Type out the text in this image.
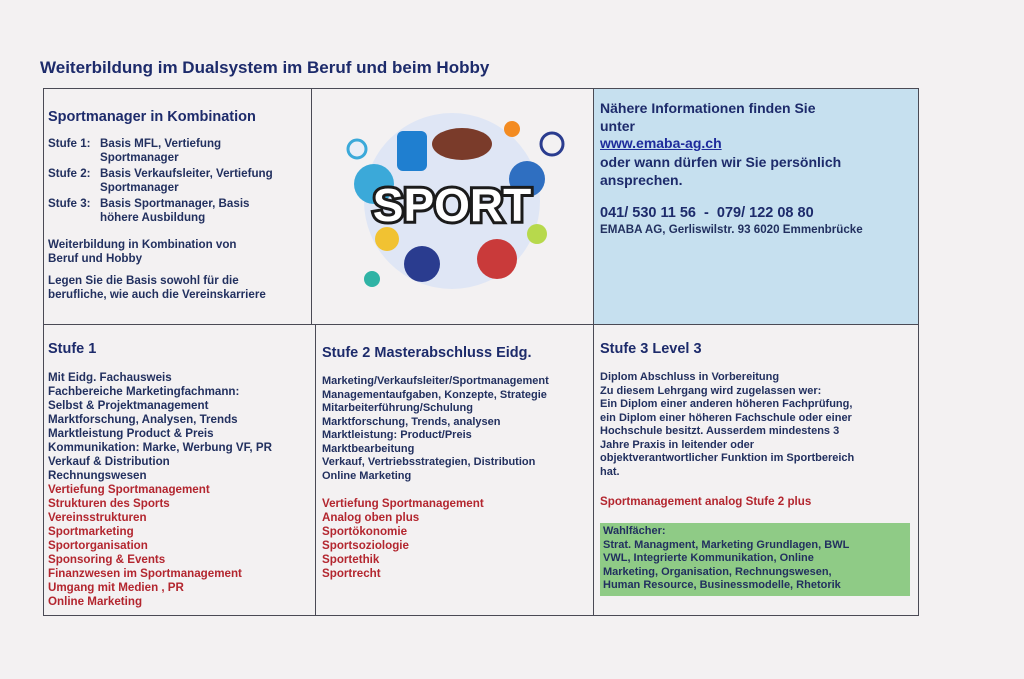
Weiterbildung im Dualsystem im Beruf und beim Hobby
Sportmanager in Kombination
Stufe 1: Basis MFL, Vertiefung
Sportmanager
Stufe 2: Basis Verkaufsleiter, Vertiefung
Sportmanager
Stufe 3: Basis Sportmanager, Basis
höhere Ausbildung
Weiterbildung in Kombination von
Beruf und Hobby
Legen Sie die Basis sowohl für die
berufliche, wie auch die Vereinskarriere
SPORT
Nähere Informationen finden Sie
unter
www.emaba-ag.ch
oder wann dürfen wir Sie persönlich
ansprechen.
041/ 530 11 56  -  079/ 122 08 80
EMABA AG, Gerliswilstr. 93 6020 Emmenbrücke
Stufe 1
Mit Eidg. Fachausweis
Fachbereiche Marketingfachmann:
Selbst & Projektmanagement
Marktforschung, Analysen, Trends
Marktleistung Product & Preis
Kommunikation: Marke, Werbung VF, PR
Verkauf & Distribution
Rechnungswesen
Vertiefung Sportmanagement
Strukturen des Sports
Vereinsstrukturen
Sportmarketing
Sportorganisation
Sponsoring & Events
Finanzwesen im Sportmanagement
Umgang mit Medien , PR
Online Marketing
Stufe 2 Masterabschluss Eidg.
Marketing/Verkaufsleiter/Sportmanagement
Managementaufgaben, Konzepte, Strategie
Mitarbeiterführung/Schulung
Marktforschung, Trends, analysen
Marktleistung: Product/Preis
Marktbearbeitung
Verkauf, Vertriebsstrategien, Distribution
Online Marketing
Vertiefung Sportmanagement
Analog oben plus
Sportökonomie
Sportsoziologie
Sportethik
Sportrecht
Stufe 3 Level 3
Diplom Abschluss in Vorbereitung
Zu diesem Lehrgang wird zugelassen wer:
Ein Diplom einer anderen höheren Fachprüfung,
ein Diplom einer höheren Fachschule oder einer
Hochschule besitzt. Ausserdem mindestens 3
Jahre Praxis in leitender oder
objektverantwortlicher Funktion im Sportbereich
hat.
Sportmanagement analog Stufe 2 plus
Wahlfächer:
Strat. Managment, Marketing Grundlagen, BWL
VWL, Integrierte Kommunikation, Online
Marketing, Organisation, Rechnungswesen,
Human Resource, Businessmodelle, Rhetorik
